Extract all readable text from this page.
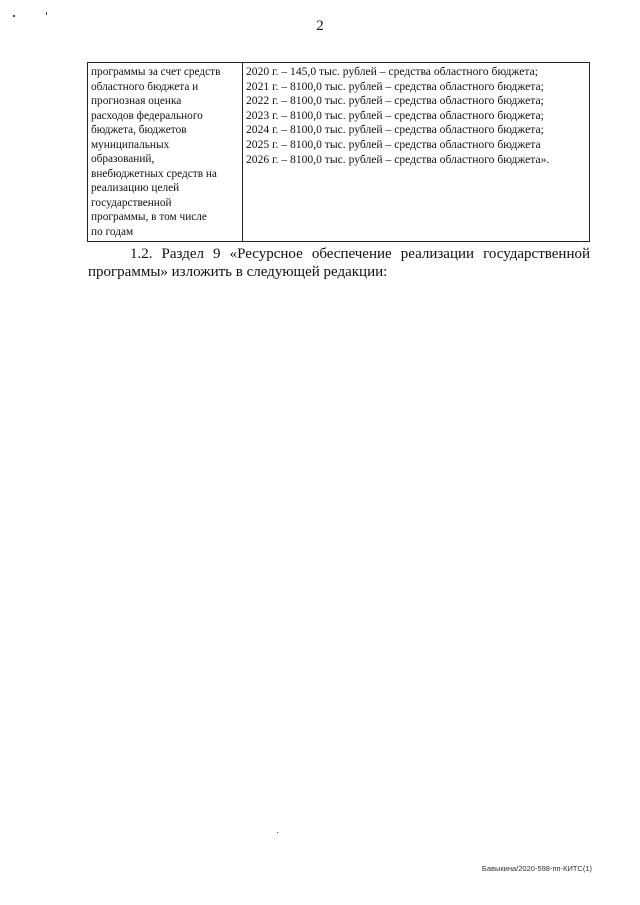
2
программы за счет средств
областного бюджета и
прогнозная оценка
расходов федерального
бюджета, бюджетов
муниципальных
образований,
внебюджетных средств на
реализацию целей
государственной
программы, в том числе
по годам
2020 г. – 145,0 тыс. рублей – средства областного бюджета;
2021 г. – 8100,0 тыс. рублей – средства областного бюджета;
2022 г. – 8100,0 тыс. рублей – средства областного бюджета;
2023 г. – 8100,0 тыс. рублей – средства областного бюджета;
2024 г. – 8100,0 тыс. рублей – средства областного бюджета;
2025 г. – 8100,0 тыс. рублей – средства областного бюджета
2026 г. – 8100,0 тыс. рублей – средства областного бюджета».
1.2. Раздел 9 «Ресурсное обеспечение реализации государственной
программы» изложить в следующей редакции:
Бавыкина/2020-598-пп-КИТС(1)
